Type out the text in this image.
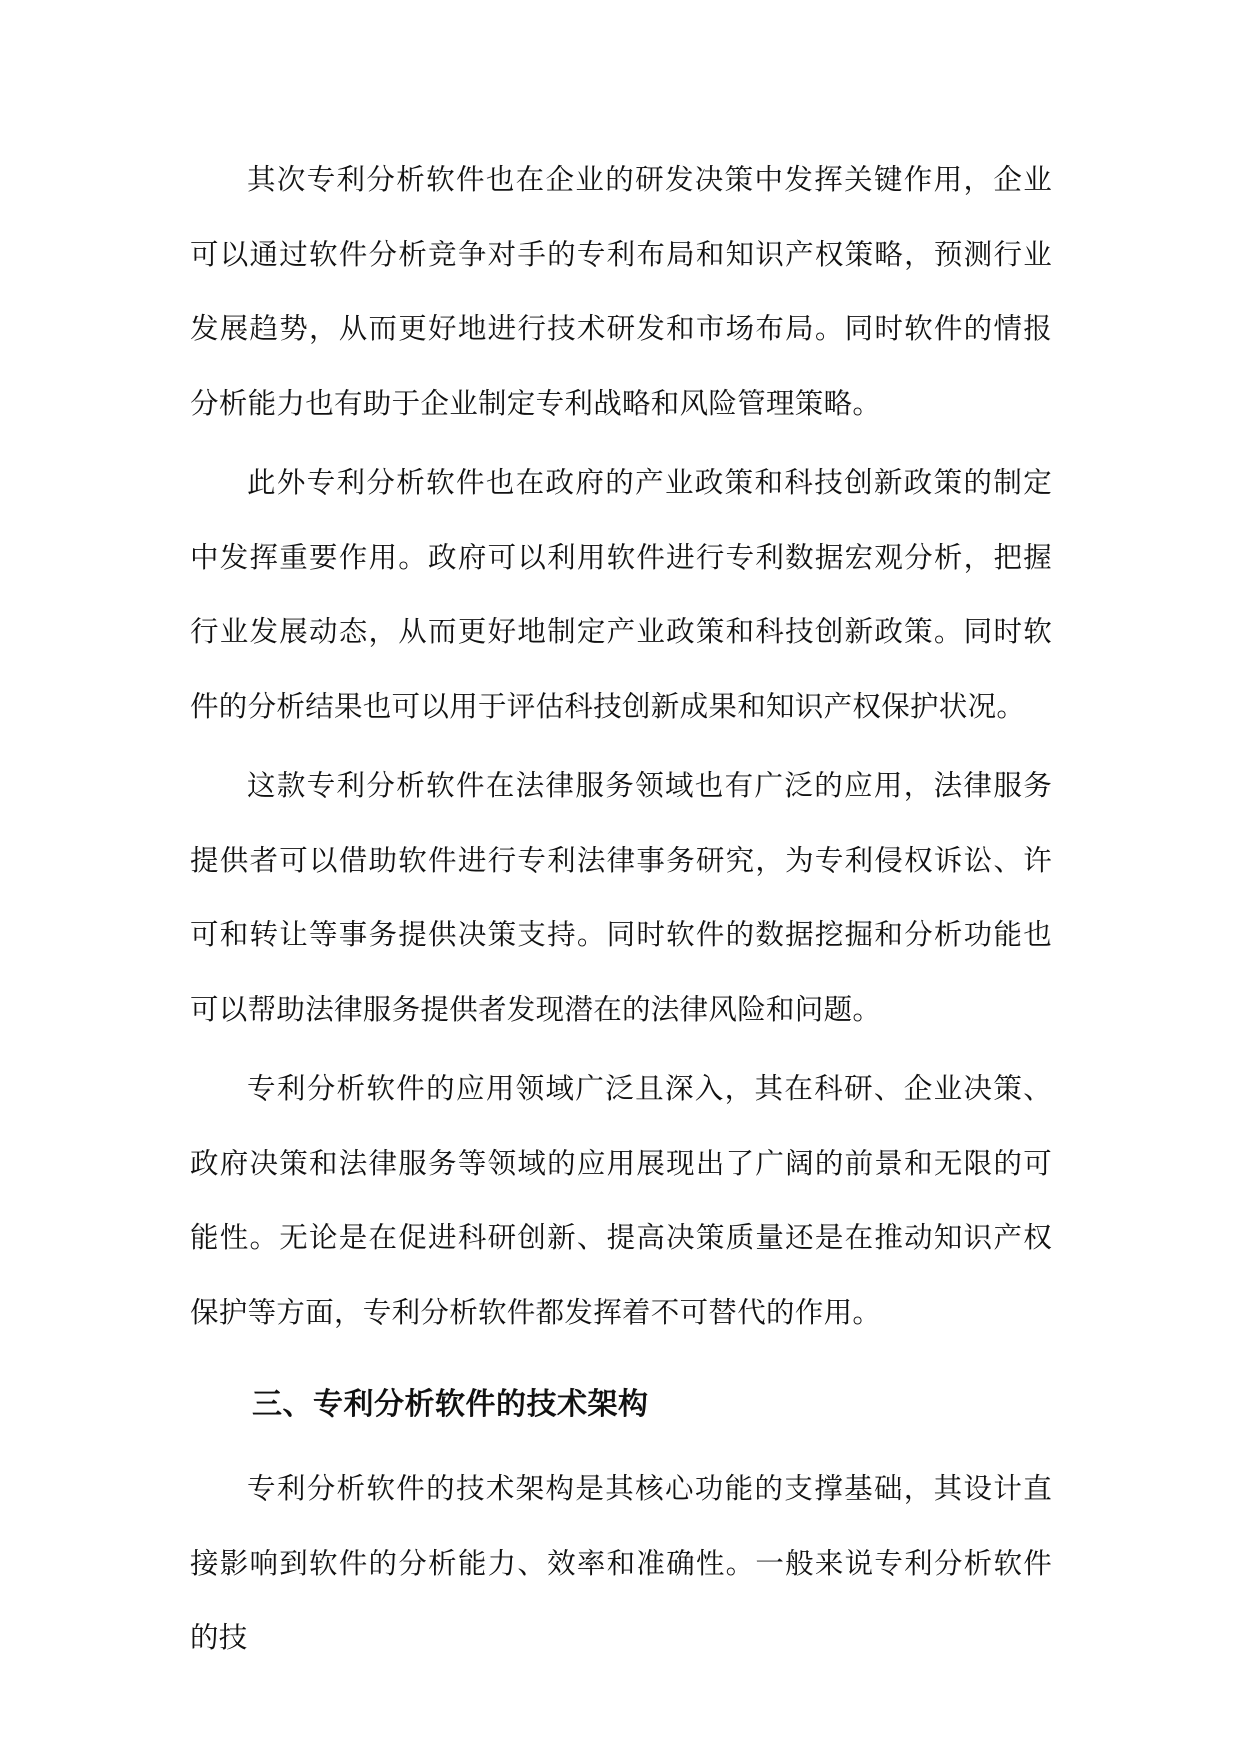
其次专利分析软件也在企业的研发决策中发挥关键作用，企业可以通过软件分析竞争对手的专利布局和知识产权策略，预测行业发展趋势，从而更好地进行技术研发和市场布局。同时软件的情报分析能力也有助于企业制定专利战略和风险管理策略。

此外专利分析软件也在政府的产业政策和科技创新政策的制定中发挥重要作用。政府可以利用软件进行专利数据宏观分析，把握行业发展动态，从而更好地制定产业政策和科技创新政策。同时软件的分析结果也可以用于评估科技创新成果和知识产权保护状况。

这款专利分析软件在法律服务领域也有广泛的应用，法律服务提供者可以借助软件进行专利法律事务研究，为专利侵权诉讼、许可和转让等事务提供决策支持。同时软件的数据挖掘和分析功能也可以帮助法律服务提供者发现潜在的法律风险和问题。

专利分析软件的应用领域广泛且深入，其在科研、企业决策、政府决策和法律服务等领域的应用展现出了广阔的前景和无限的可能性。无论是在促进科研创新、提高决策质量还是在推动知识产权保护等方面，专利分析软件都发挥着不可替代的作用。

三、专利分析软件的技术架构

专利分析软件的技术架构是其核心功能的支撑基础，其设计直接影响到软件的分析能力、效率和准确性。一般来说专利分析软件的技
